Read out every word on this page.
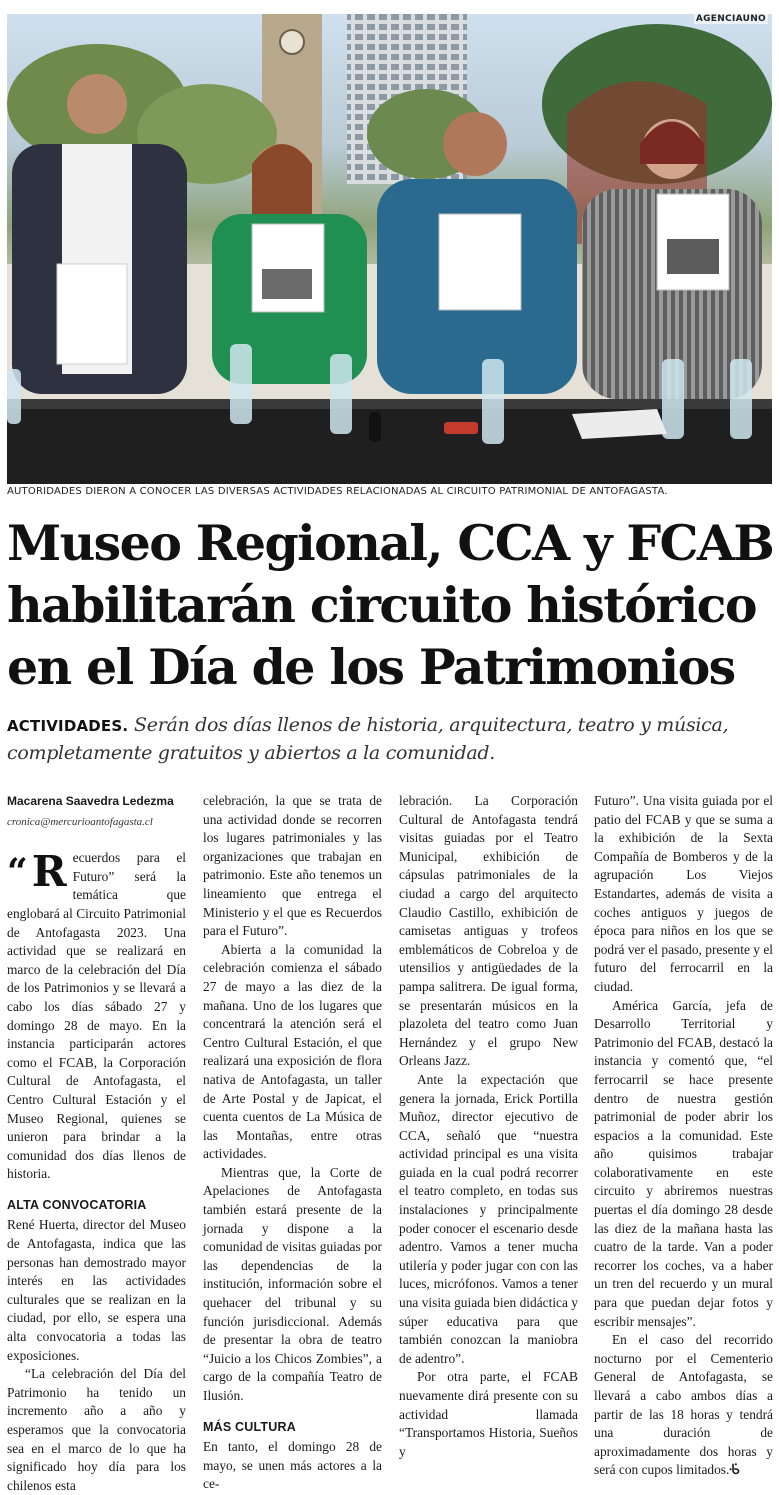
AGENCIAUNO
AUTORIDADES DIERON A CONOCER LAS DIVERSAS ACTIVIDADES RELACIONADAS AL CIRCUITO PATRIMONIAL DE ANTOFAGASTA.
Museo Regional, CCA y FCAB habilitarán circuito histórico en el Día de los Patrimonios
ACTIVIDADES. Serán dos días llenos de historia, arquitectura, teatro y música, completamente gratuitos y abiertos a la comunidad.

Macarena Saavedra Ledezma

cronica@mercurioantofagasta.cl

“R ecuerdos para el Futuro” será la temática que englobará al Circuito Patrimonial de Antofagasta 2023. Una actividad que se realizará en marco de la celebración del Día de los Patrimonios y se llevará a cabo los días sábado 27 y domingo 28 de mayo. En la instancia participarán actores como el FCAB, la Corporación Cultural de Antofagasta, el Centro Cultural Estación y el Museo Regional, quienes se unieron para brindar a la comunidad dos días llenos de historia.

ALTA CONVOCATORIA

René Huerta, director del Museo de Antofagasta, indica que las personas han demostrado mayor interés en las actividades culturales que se realizan en la ciudad, por ello, se espera una alta convocatoria a todas las exposiciones.

“La celebración del Día del Patrimonio ha tenido un incremento año a año y esperamos que la convocatoria sea en el marco de lo que ha significado hoy día para los chilenos esta

celebración, la que se trata de una actividad donde se recorren los lugares patrimoniales y las organizaciones que trabajan en patrimonio. Este año tenemos un lineamiento que entrega el Ministerio y el que es Recuerdos para el Futuro”.

Abierta a la comunidad la celebración comienza el sábado 27 de mayo a las diez de la mañana. Uno de los lugares que concentrará la atención será el Centro Cultural Estación, el que realizará una exposición de flora nativa de Antofagasta, un taller de Arte Postal y de Japicat, el cuenta cuentos de La Música de las Montañas, entre otras actividades.

Mientras que, la Corte de Apelaciones de Antofagasta también estará presente de la jornada y dispone a la comunidad de visitas guiadas por las dependencias de la institución, información sobre el quehacer del tribunal y su función jurisdiccional. Además de presentar la obra de teatro “Juicio a los Chicos Zombies”, a cargo de la compañía Teatro de Ilusión.

MÁS CULTURA

En tanto, el domingo 28 de mayo, se unen más actores a la ce-

lebración. La Corporación Cultural de Antofagasta tendrá visitas guiadas por el Teatro Municipal, exhibición de cápsulas patrimoniales de la ciudad a cargo del arquitecto Claudio Castillo, exhibición de camisetas antiguas y trofeos emblemáticos de Cobreloa y de utensilios y antigüedades de la pampa salitrera. De igual forma, se presentarán músicos en la plazoleta del teatro como Juan Hernández y el grupo New Orleans Jazz.

Ante la expectación que genera la jornada, Erick Portilla Muñoz, director ejecutivo de CCA, señaló que “nuestra actividad principal es una visita guiada en la cual podrá recorrer el teatro completo, en todas sus instalaciones y principalmente poder conocer el escenario desde adentro. Vamos a tener mucha utilería y poder jugar con con las luces, micrófonos. Vamos a tener una visita guiada bien didáctica y súper educativa para que también conozcan la maniobra de adentro”.

Por otra parte, el FCAB nuevamente dirá presente con su actividad llamada “Transportamos Historia, Sueños y

Futuro”. Una visita guiada por el patio del FCAB y que se suma a la exhibición de la Sexta Compañía de Bomberos y de la agrupación Los Viejos Estandartes, además de visita a coches antiguos y juegos de época para niños en los que se podrá ver el pasado, presente y el futuro del ferrocarril en la ciudad.

América García, jefa de Desarrollo Territorial y Patrimonio del FCAB, destacó la instancia y comentó que, “el ferrocarril se hace presente dentro de nuestra gestión patrimonial de poder abrir los espacios a la comunidad. Este año quisimos trabajar colaborativamente en este circuito y abriremos nuestras puertas el día domingo 28 desde las diez de la mañana hasta las cuatro de la tarde. Van a poder recorrer los coches, va a haber un tren del recuerdo y un mural para que puedan dejar fotos y escribir mensajes”.

En el caso del recorrido nocturno por el Cementerio General de Antofagasta, se llevará a cabo ambos días a partir de las 18 horas y tendrá una duración de aproximadamente dos horas y será con cupos limitados.ᢹ
